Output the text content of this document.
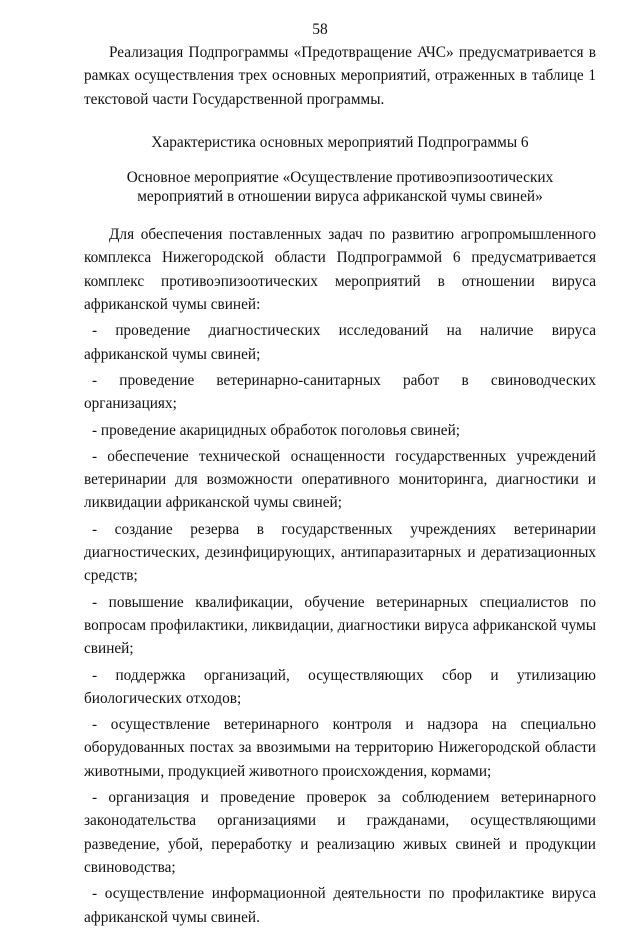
58

Реализация Подпрограммы «Предотвращение АЧС» предусматривается в рамках осуществления трех основных мероприятий, отраженных в таблице 1 текстовой части Государственной программы.

Характеристика основных мероприятий Подпрограммы 6

Основное мероприятие «Осуществление противоэпизоотических мероприятий в отношении вируса африканской чумы свиней»

Для обеспечения поставленных задач по развитию агропромышленного комплекса Нижегородской области Подпрограммой 6 предусматривается комплекс противоэпизоотических мероприятий в отношении вируса африканской чумы свиней:

- проведение диагностических исследований на наличие вируса африканской чумы свиней;

- проведение ветеринарно-санитарных работ в свиноводческих организациях;

- проведение акарицидных обработок поголовья свиней;

- обеспечение технической оснащенности государственных учреждений ветеринарии для возможности оперативного мониторинга, диагностики и ликвидации африканской чумы свиней;

- создание резерва в государственных учреждениях ветеринарии диагностических, дезинфицирующих, антипаразитарных и дератизационных средств;

- повышение квалификации, обучение ветеринарных специалистов по вопросам профилактики, ликвидации, диагностики вируса африканской чумы свиней;

- поддержка организаций, осуществляющих сбор и утилизацию биологических отходов;

- осуществление ветеринарного контроля и надзора на специально оборудованных постах за ввозимыми на территорию Нижегородской области животными, продукцией животного происхождения, кормами;

- организация и проведение проверок за соблюдением ветеринарного законодательства организациями и гражданами, осуществляющими разведение, убой, переработку и реализацию живых свиней и продукции свиноводства;

- осуществление информационной деятельности по профилактике вируса африканской чумы свиней.
